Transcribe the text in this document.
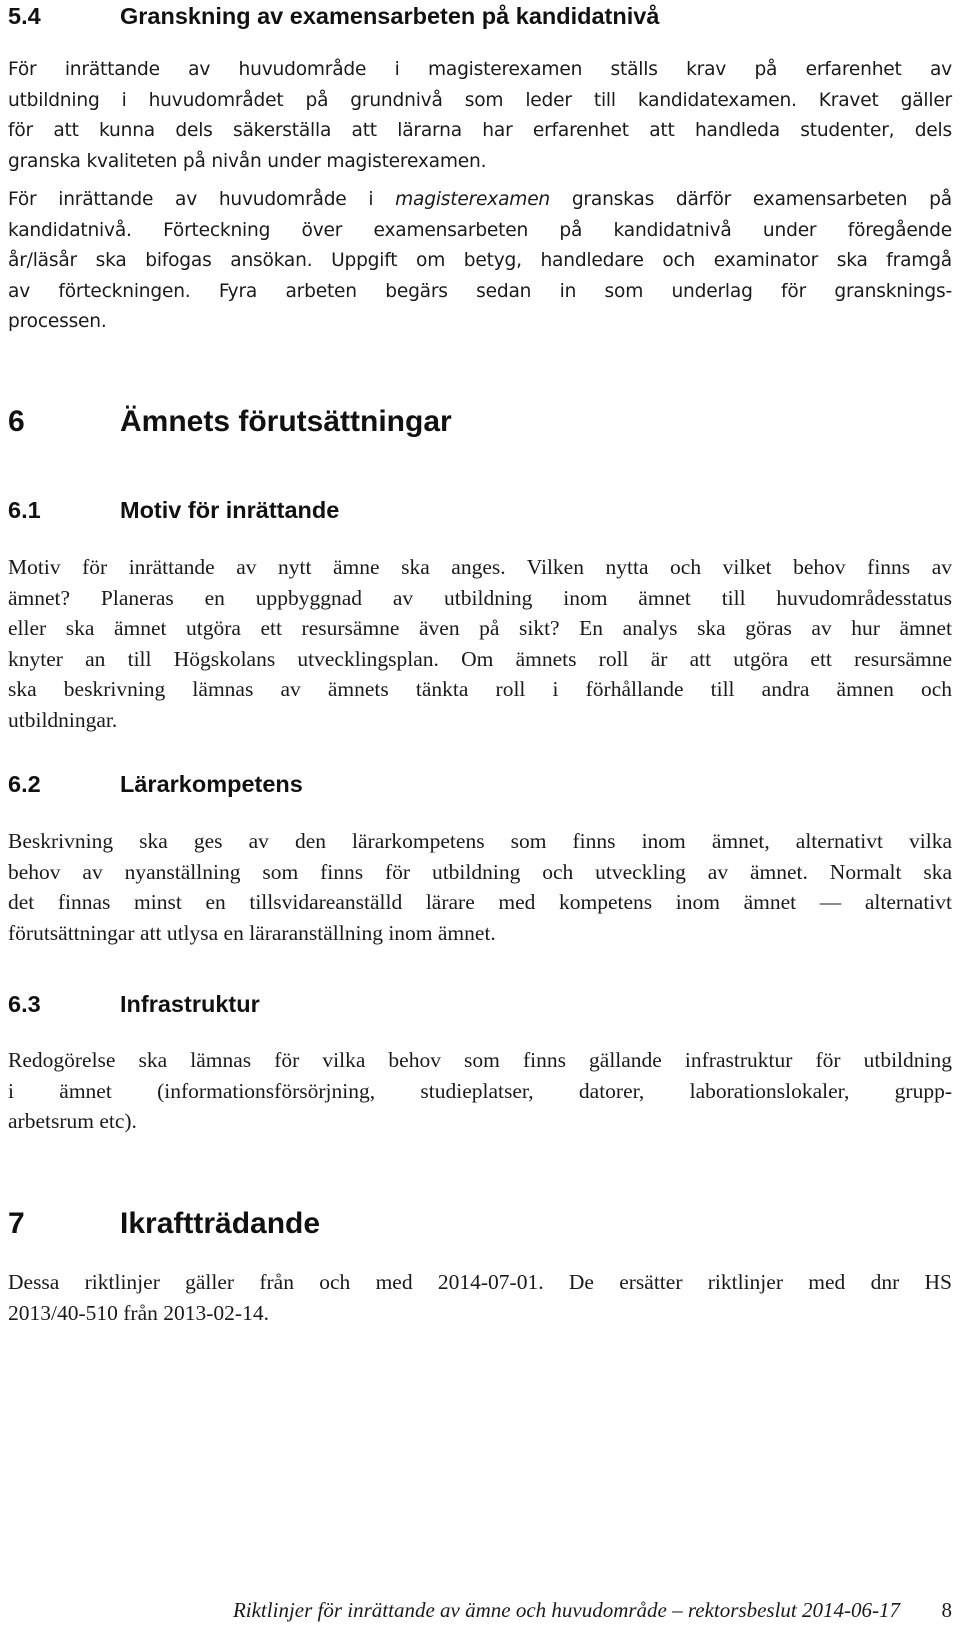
5.4	Granskning av examensarbeten på kandidatnivå
För inrättande av huvudområde i magisterexamen ställs krav på erfarenhet av
utbildning i huvudområdet på grundnivå som leder till kandidatexamen. Kravet gäller
för att kunna dels säkerställa att lärarna har erfarenhet att handleda studenter, dels
granska kvaliteten på nivån under magisterexamen.
För inrättande av huvudområde i magisterexamen granskas därför examensarbeten på
kandidatnivå. Förteckning över examensarbeten på kandidatnivå under föregående
år/läsår ska bifogas ansökan. Uppgift om betyg, handledare och examinator ska framgå
av förteckningen. Fyra arbeten begärs sedan in som underlag för gransknings-
processen.
6	Ämnets förutsättningar
6.1	Motiv för inrättande
Motiv för inrättande av nytt ämne ska anges. Vilken nytta och vilket behov finns av
ämnet? Planeras en uppbyggnad av utbildning inom ämnet till huvudområdesstatus
eller ska ämnet utgöra ett resursämne även på sikt? En analys ska göras av hur ämnet
knyter an till Högskolans utvecklingsplan. Om ämnets roll är att utgöra ett resursämne
ska beskrivning lämnas av ämnets tänkta roll i förhållande till andra ämnen och
utbildningar.
6.2	Lärarkompetens
Beskrivning ska ges av den lärarkompetens som finns inom ämnet, alternativt vilka
behov av nyanställning som finns för utbildning och utveckling av ämnet. Normalt ska
det finnas minst en tillsvidareanställd lärare med kompetens inom ämnet — alternativt
förutsättningar att utlysa en läraranställning inom ämnet.
6.3	Infrastruktur
Redogörelse ska lämnas för vilka behov som finns gällande infrastruktur för utbildning
i ämnet (informationsförsörjning, studieplatser, datorer, laborationslokaler, grupp-
arbetsrum etc).
7	Ikraftträdande
Dessa riktlinjer gäller från och med 2014-07-01. De ersätter riktlinjer med dnr HS
2013/40-510 från 2013-02-14.
Riktlinjer för inrättande av ämne och huvudområde – rektorsbeslut 2014-06-17 8
